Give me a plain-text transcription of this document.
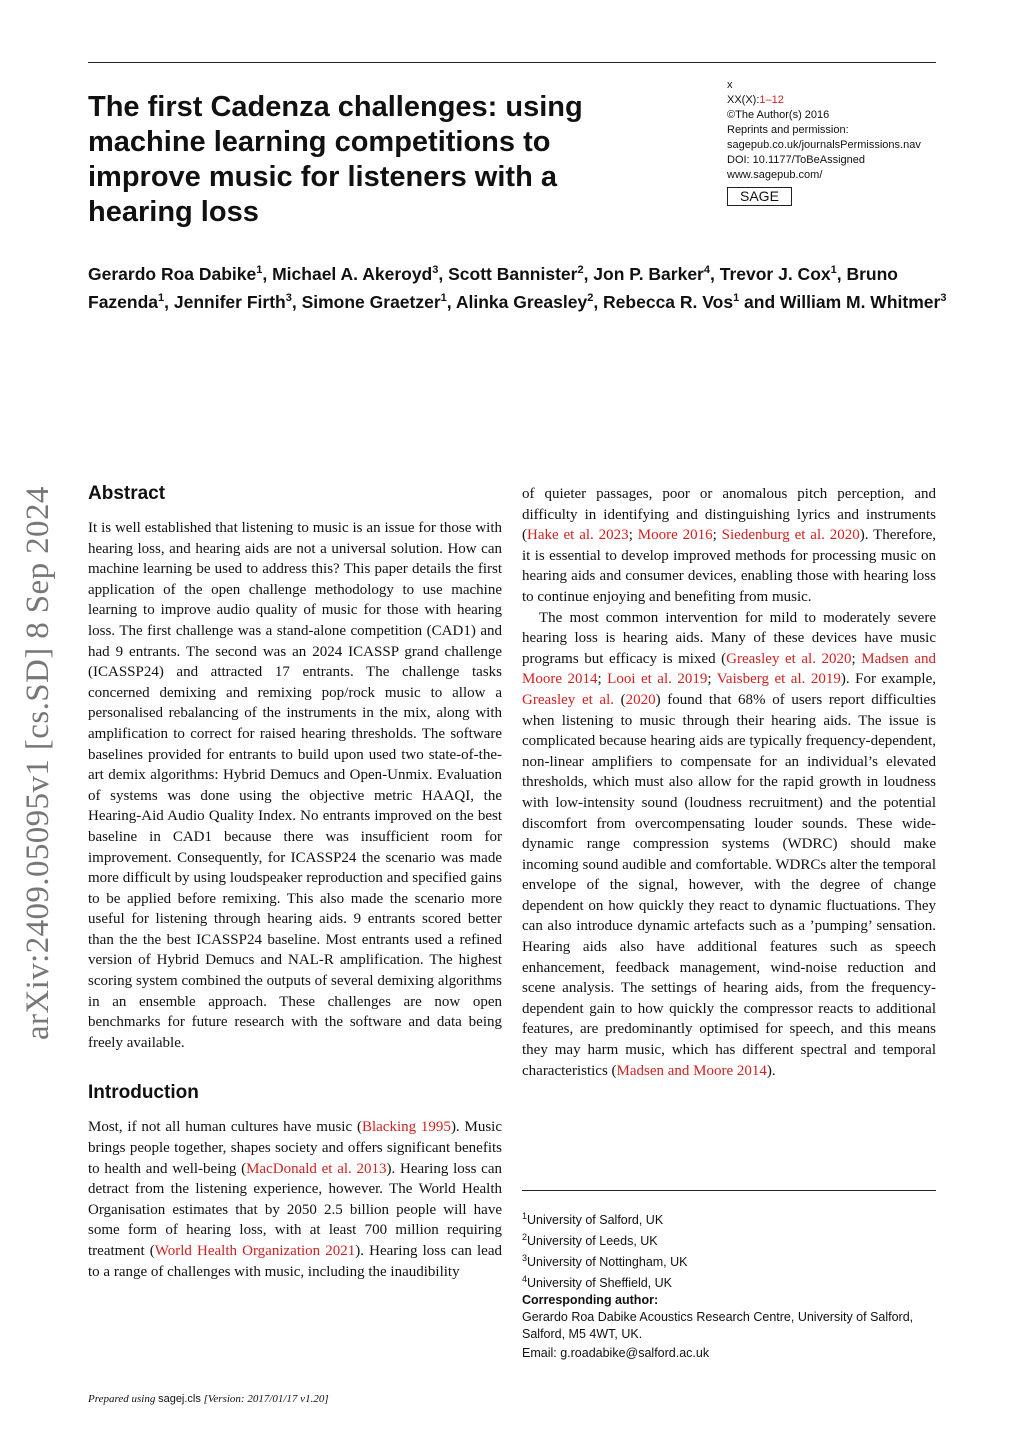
The first Cadenza challenges: using machine learning competitions to improve music for listeners with a hearing loss
x
XX(X):1–12
©The Author(s) 2016
Reprints and permission:
sagepub.co.uk/journalsPermissions.nav
DOI: 10.1177/ToBeAssigned
www.sagepub.com/
SAGE
Gerardo Roa Dabike$^1$, Michael A. Akeroyd$^3$, Scott Bannister$^2$, Jon P. Barker$^4$, Trevor J. Cox$^1$, Bruno Fazenda$^1$, Jennifer Firth$^3$, Simone Graetzer$^1$, Alinka Greasley$^2$, Rebecca R. Vos$^1$ and William M. Whitmer$^3$
arXiv:2409.05095v1 [cs.SD] 8 Sep 2024	Abstract

It is well established that listening to music is an issue for those with hearing loss, and hearing aids are not a universal solution. How can machine learning be used to address this? This paper details the first application of the open challenge methodology to use machine learning to improve audio quality of music for those with hearing loss. The first challenge was a stand-alone competition (CAD1) and had 9 entrants. The second was an 2024 ICASSP grand challenge (ICASSP24) and attracted 17 entrants. The challenge tasks concerned demixing and remixing pop/rock music to allow a personalised rebalancing of the instruments in the mix, along with amplification to correct for raised hearing thresholds. The software baselines provided for entrants to build upon used two state-of-the-art demix algorithms: Hybrid Demucs and Open-Unmix. Evaluation of systems was done using the objective metric HAAQI, the Hearing-Aid Audio Quality Index. No entrants improved on the best baseline in CAD1 because there was insufficient room for improvement. Consequently, for ICASSP24 the scenario was made more difficult by using loudspeaker reproduction and specified gains to be applied before remixing. This also made the scenario more useful for listening through hearing aids. 9 entrants scored better than the the best ICASSP24 baseline. Most entrants used a refined version of Hybrid Demucs and NAL-R amplification. The highest scoring system combined the outputs of several demixing algorithms in an ensemble approach. These challenges are now open benchmarks for future research with the software and data being freely available.

Introduction

Most, if not all human cultures have music (Blacking 1995). Music brings people together, shapes society and offers significant benefits to health and well-being (MacDonald et al. 2013). Hearing loss can detract from the listening experience, however. The World Health Organisation estimates that by 2050 2.5 billion people will have some form of hearing loss, with at least 700 million requiring treatment (World Health Organization 2021). Hearing loss can lead to a range of challenges with music, including the inaudibility

of quieter passages, poor or anomalous pitch perception, and difficulty in identifying and distinguishing lyrics and instruments (Hake et al. 2023; Moore 2016; Siedenburg et al. 2020). Therefore, it is essential to develop improved methods for processing music on hearing aids and consumer devices, enabling those with hearing loss to continue enjoying and benefiting from music.

The most common intervention for mild to moderately severe hearing loss is hearing aids. Many of these devices have music programs but efficacy is mixed (Greasley et al. 2020; Madsen and Moore 2014; Looi et al. 2019; Vaisberg et al. 2019). For example, Greasley et al. (2020) found that 68% of users report difficulties when listening to music through their hearing aids. The issue is complicated because hearing aids are typically frequency-dependent, non-linear amplifiers to compensate for an individual’s elevated thresholds, which must also allow for the rapid growth in loudness with low-intensity sound (loudness recruitment) and the potential discomfort from overcompensating louder sounds. These wide-dynamic range compression systems (WDRC) should make incoming sound audible and comfortable. WDRCs alter the temporal envelope of the signal, however, with the degree of change dependent on how quickly they react to dynamic fluctuations. They can also introduce dynamic artefacts such as a ’pumping’ sensation. Hearing aids also have additional features such as speech enhancement, feedback management, wind-noise reduction and scene analysis. The settings of hearing aids, from the frequency-dependent gain to how quickly the compressor reacts to additional features, are predominantly optimised for speech, and this means they may harm music, which has different spectral and temporal characteristics (Madsen and Moore 2014).

$^1$University of Salford, UK
$^2$University of Leeds, UK
$^3$University of Nottingham, UK
$^4$University of Sheffield, UK
Corresponding author:
Gerardo Roa Dabike Acoustics Research Centre, University of Salford, Salford, M5 4WT, UK.
Email: g.roadabike@salford.ac.uk
Prepared using sagej.cls [Version: 2017/01/17 v1.20]
